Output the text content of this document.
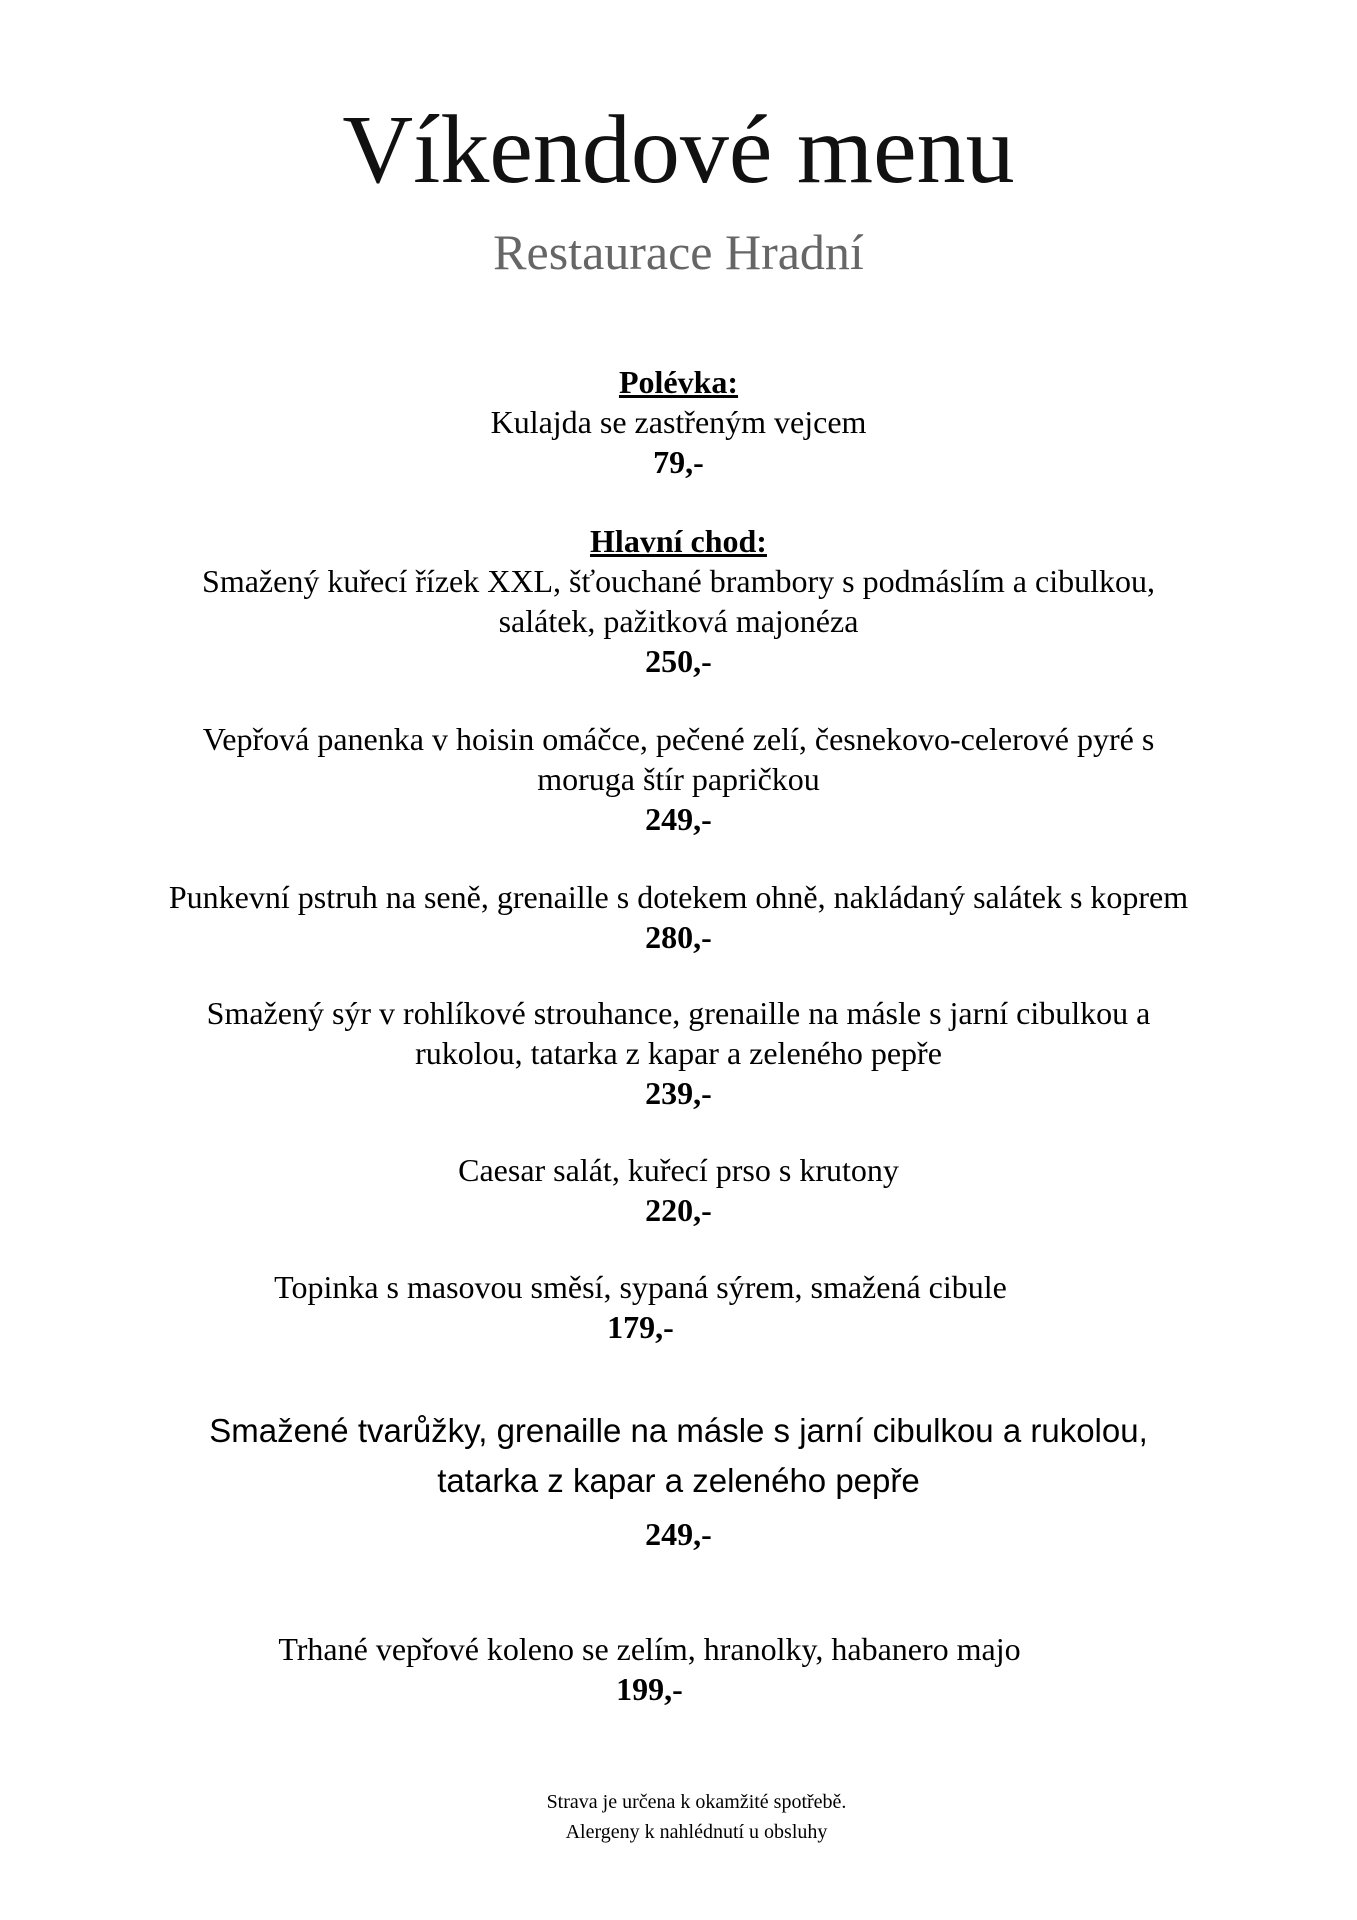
Víkendové menu
Restaurace Hradní
Polévka:
Kulajda se zastřeným vejcem
79,-
Hlavní chod:
Smažený kuřecí řízek XXL, šťouchané brambory s podmáslím a cibulkou,
salátek, pažitková majonéza
250,-
Vepřová panenka v hoisin omáčce, pečené zelí, česnekovo-celerové pyré s
moruga štír papričkou
249,-
Punkevní pstruh na seně, grenaille s dotekem ohně, nakládaný salátek s koprem
280,-
Smažený sýr v rohlíkové strouhance, grenaille na másle s jarní cibulkou a
rukolou, tatarka z kapar a zeleného pepře
239,-
Caesar salát, kuřecí prso s krutony
220,-
Topinka s masovou směsí, sypaná sýrem, smažená cibule
179,-
Smažené tvarůžky, grenaille na másle s jarní cibulkou a rukolou,
tatarka z kapar a zeleného pepře
249,-
Trhané vepřové koleno se zelím, hranolky, habanero majo
199,-
Strava je určena k okamžité spotřebě.
Alergeny k nahlédnutí u obsluhy
